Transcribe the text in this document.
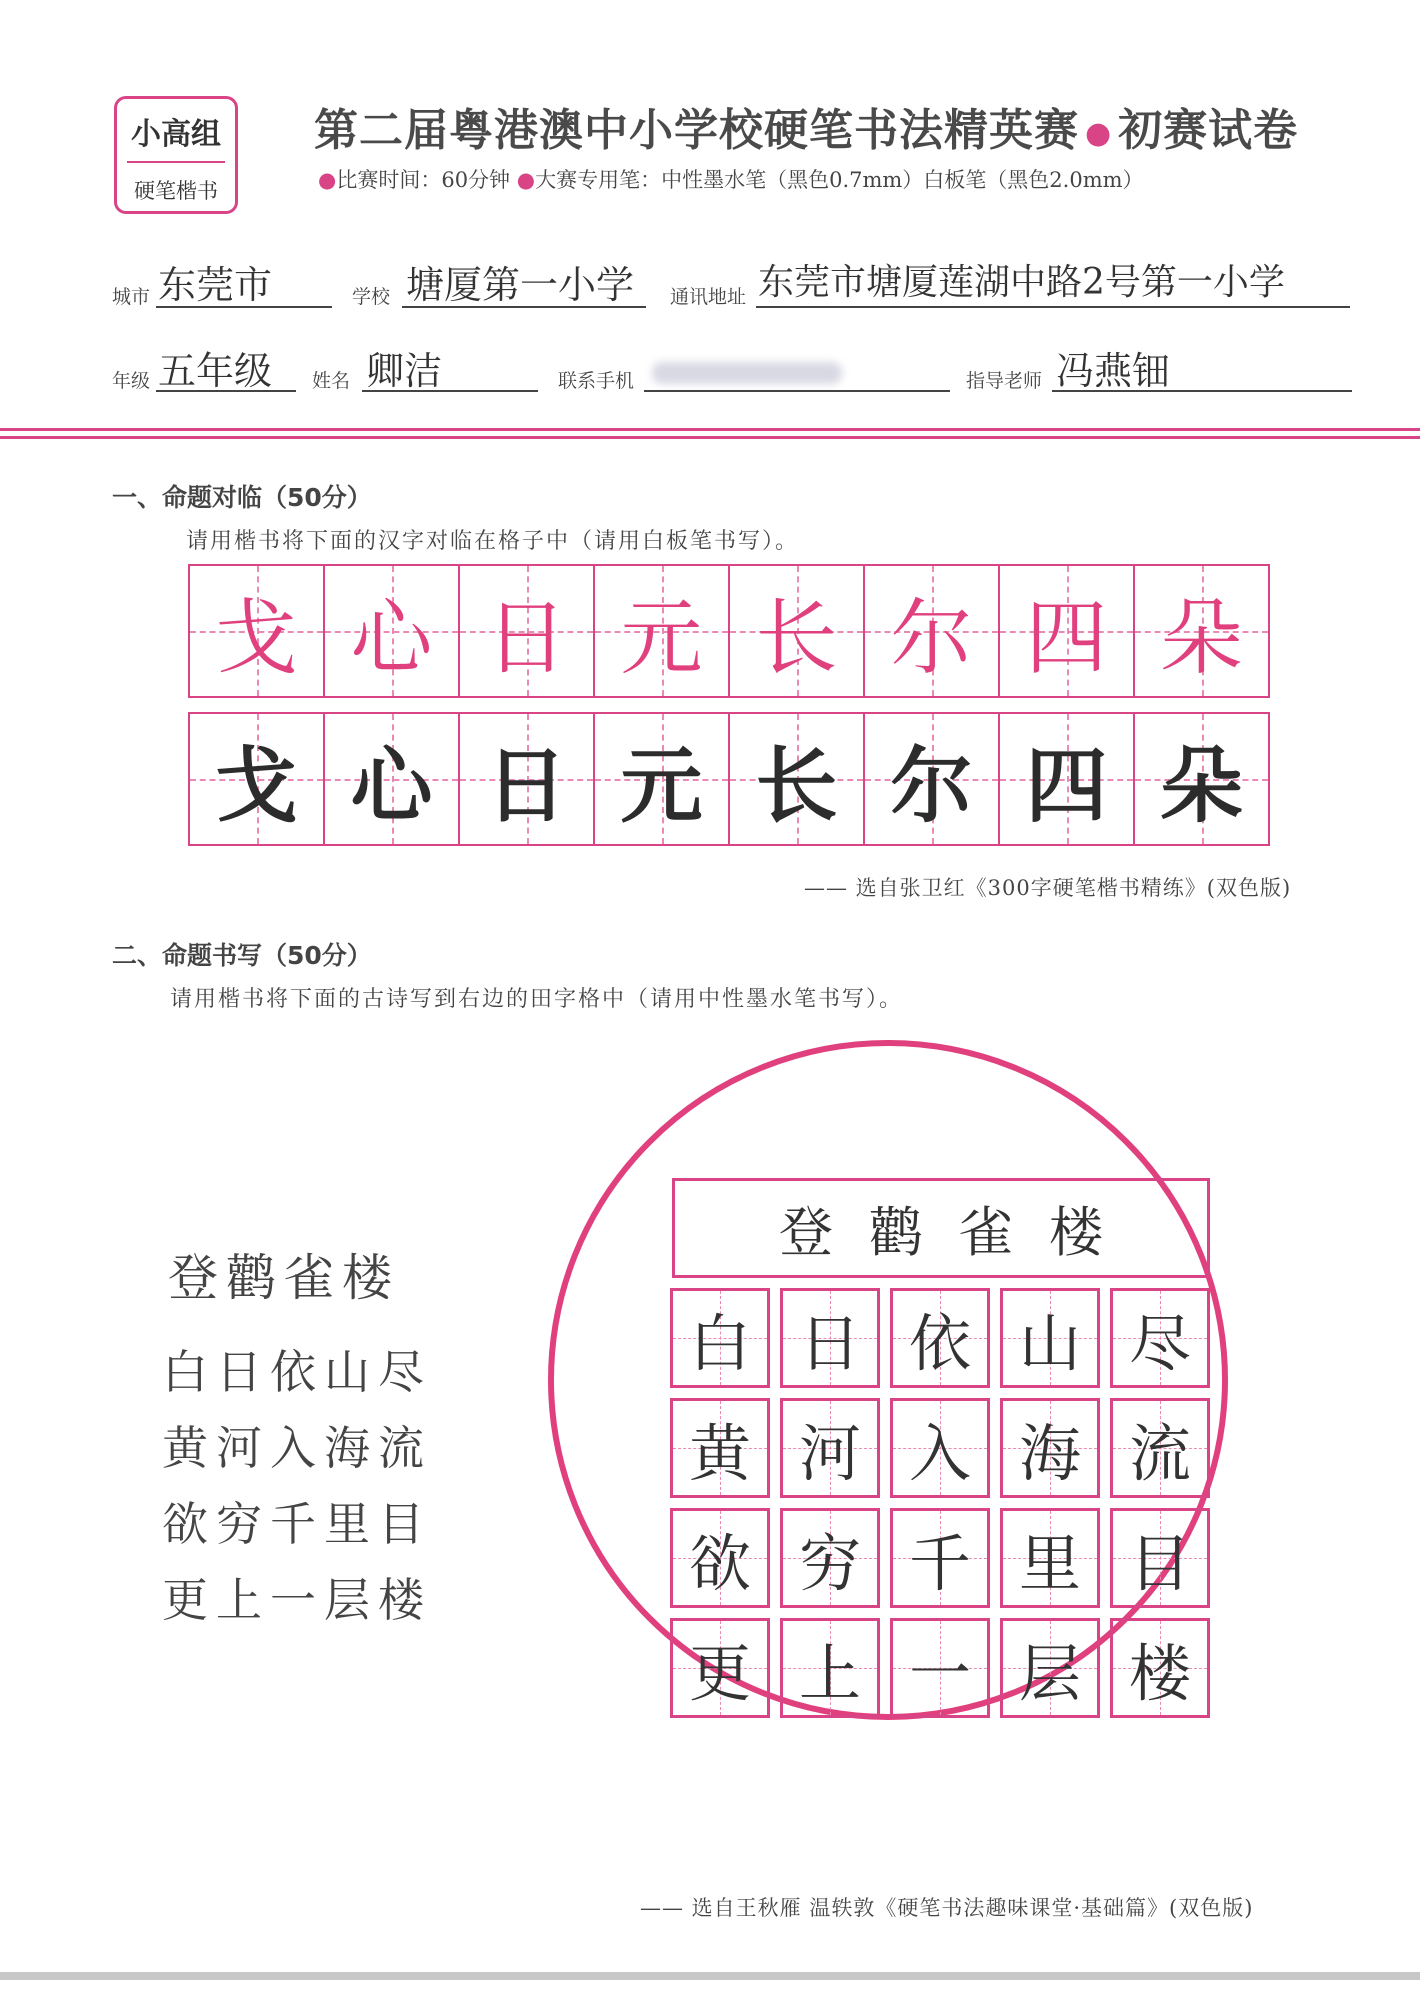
小高组
硬笔楷书
第二届粤港澳中小学校硬笔书法精英赛 ● 初赛试卷
●比赛时间：60分钟 ●大赛专用笔：中性墨水笔（黑色0.7mm）白板笔（黑色2.0mm）
城市 东莞市	学校 塘厦第一小学 通讯地址 东莞市塘厦莲湖中路2号第一小学
年级 五年级 姓名 卿洁	联系手机	指导老师 冯燕钿
一、命题对临（50分）
请用楷书将下面的汉字对临在格子中（请用白板笔书写）。
戈 心 日 元 长 尔 四 朵
戈 心 日 元 长 尔 四 朵
—— 选自张卫红《300字硬笔楷书精练》(双色版)
二、命题书写（50分）
请用楷书将下面的古诗写到右边的田字格中（请用中性墨水笔书写）。
登鹳雀楼
白日依山尽
黄河入海流
欲穷千里目
更上一层楼
登鹳雀楼
白 日 依 山 尽
黄 河 入 海 流
欲 穷 千 里 目
更 上 一 层 楼
—— 选自王秋雁 温轶敦《硬笔书法趣味课堂·基础篇》(双色版)
